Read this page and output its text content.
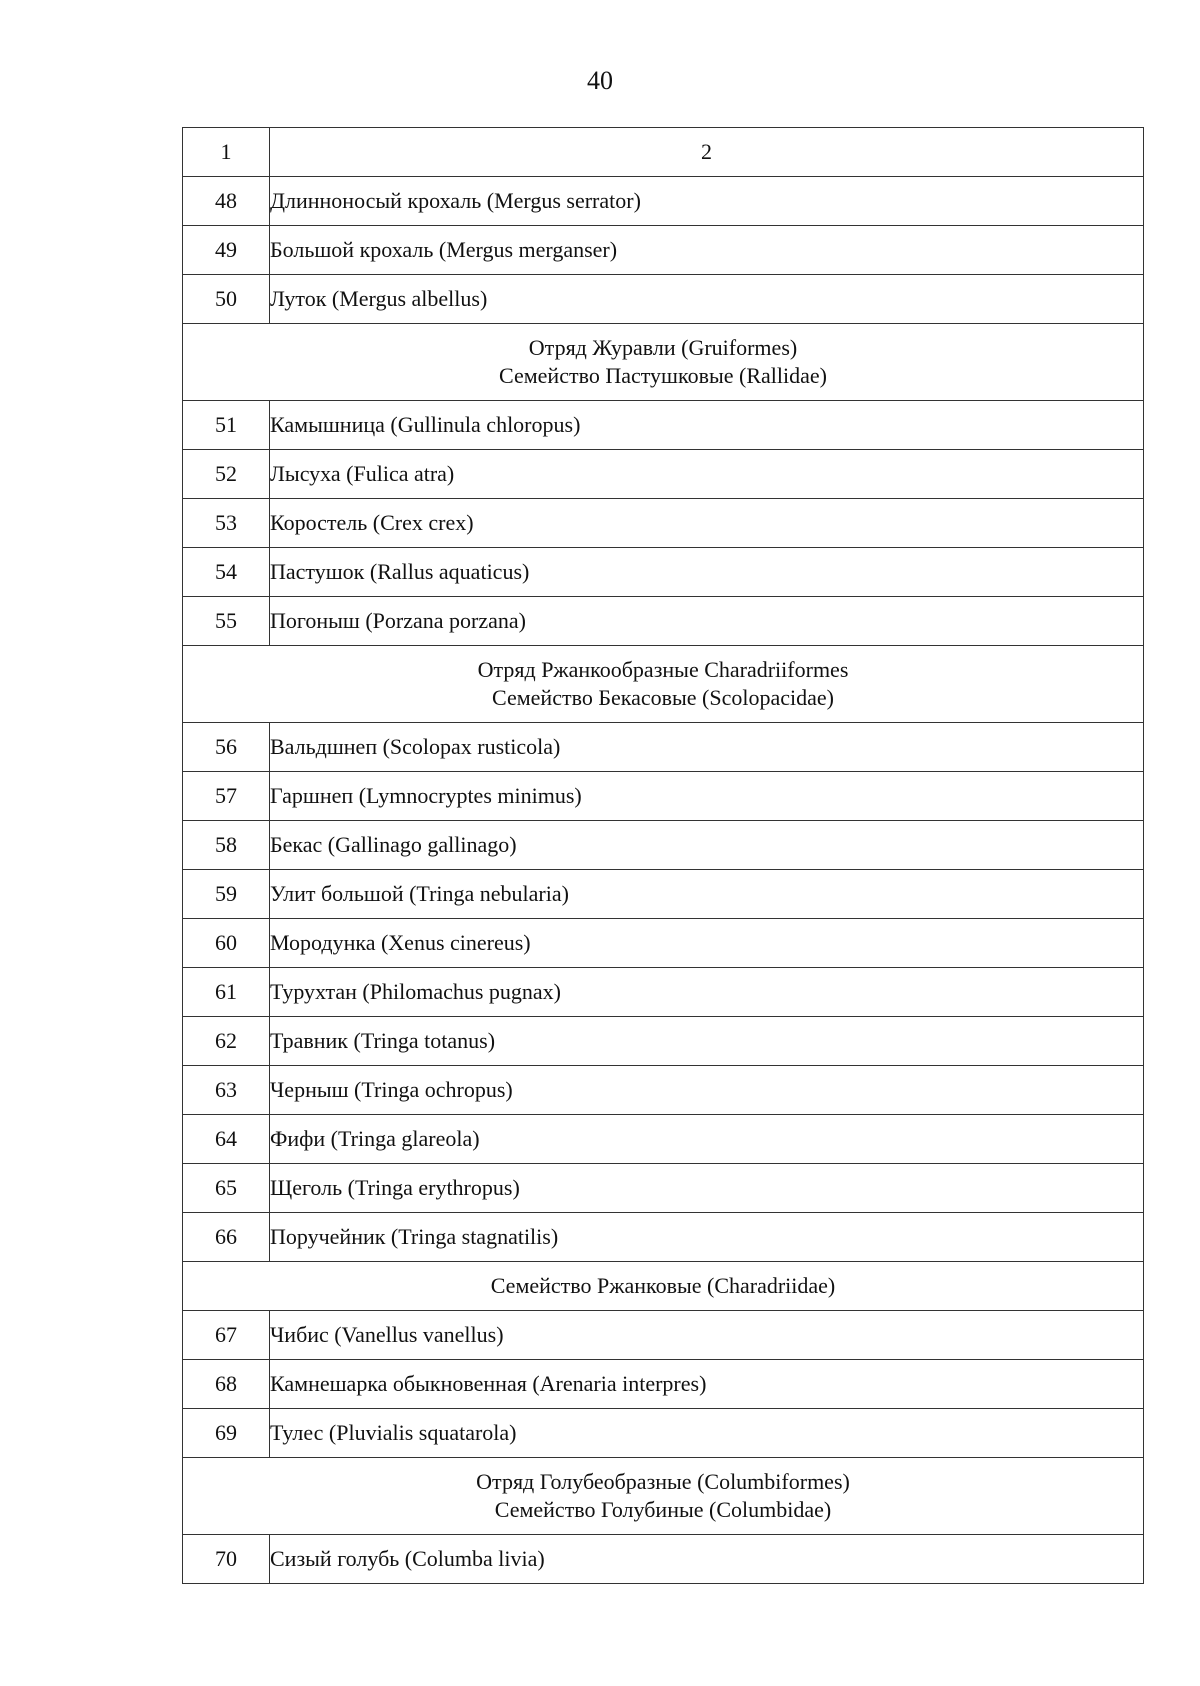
40
1	2
48	Длинноносый крохаль (Mergus serrator)
49	Большой крохаль (Mergus merganser)
50	Луток (Mergus albellus)

Отряд Журавли (Gruiformes)
Семейство Пастушковые (Rallidae)	

51	Камышница (Gullinula chloropus)
52	Лысуха (Fulica atra)
53	Коростель (Crex crex)
54	Пастушок (Rallus aquaticus)
55	Погоныш (Porzana porzana)

Отряд Ржанкообразные Charadriiformes
Семейство Бекасовые (Scolopacidae)	

56	Вальдшнеп (Scolopax rusticola)
57	Гаршнеп (Lymnocryptes minimus)
58	Бекас (Gallinago gallinago)
59	Улит большой (Tringa nebularia)
60	Мородунка (Xenus cinereus)
61	Турухтан (Philomachus pugnax)
62	Травник (Tringa totanus)
63	Черныш (Tringa ochropus)
64	Фифи (Tringa glareola)
65	Щеголь (Tringa erythropus)
66	Поручейник (Tringa stagnatilis)

Семейство Ржанковые (Charadriidae)	

67	Чибис (Vanellus vanellus)
68	Камнешарка обыкновенная (Arenaria interpres)
69	Тулес (Pluvialis squatarola)

Отряд Голубеобразные (Columbiformes)
Семейство Голубиные (Columbidae)	

70	Сизый голубь (Columba livia)
